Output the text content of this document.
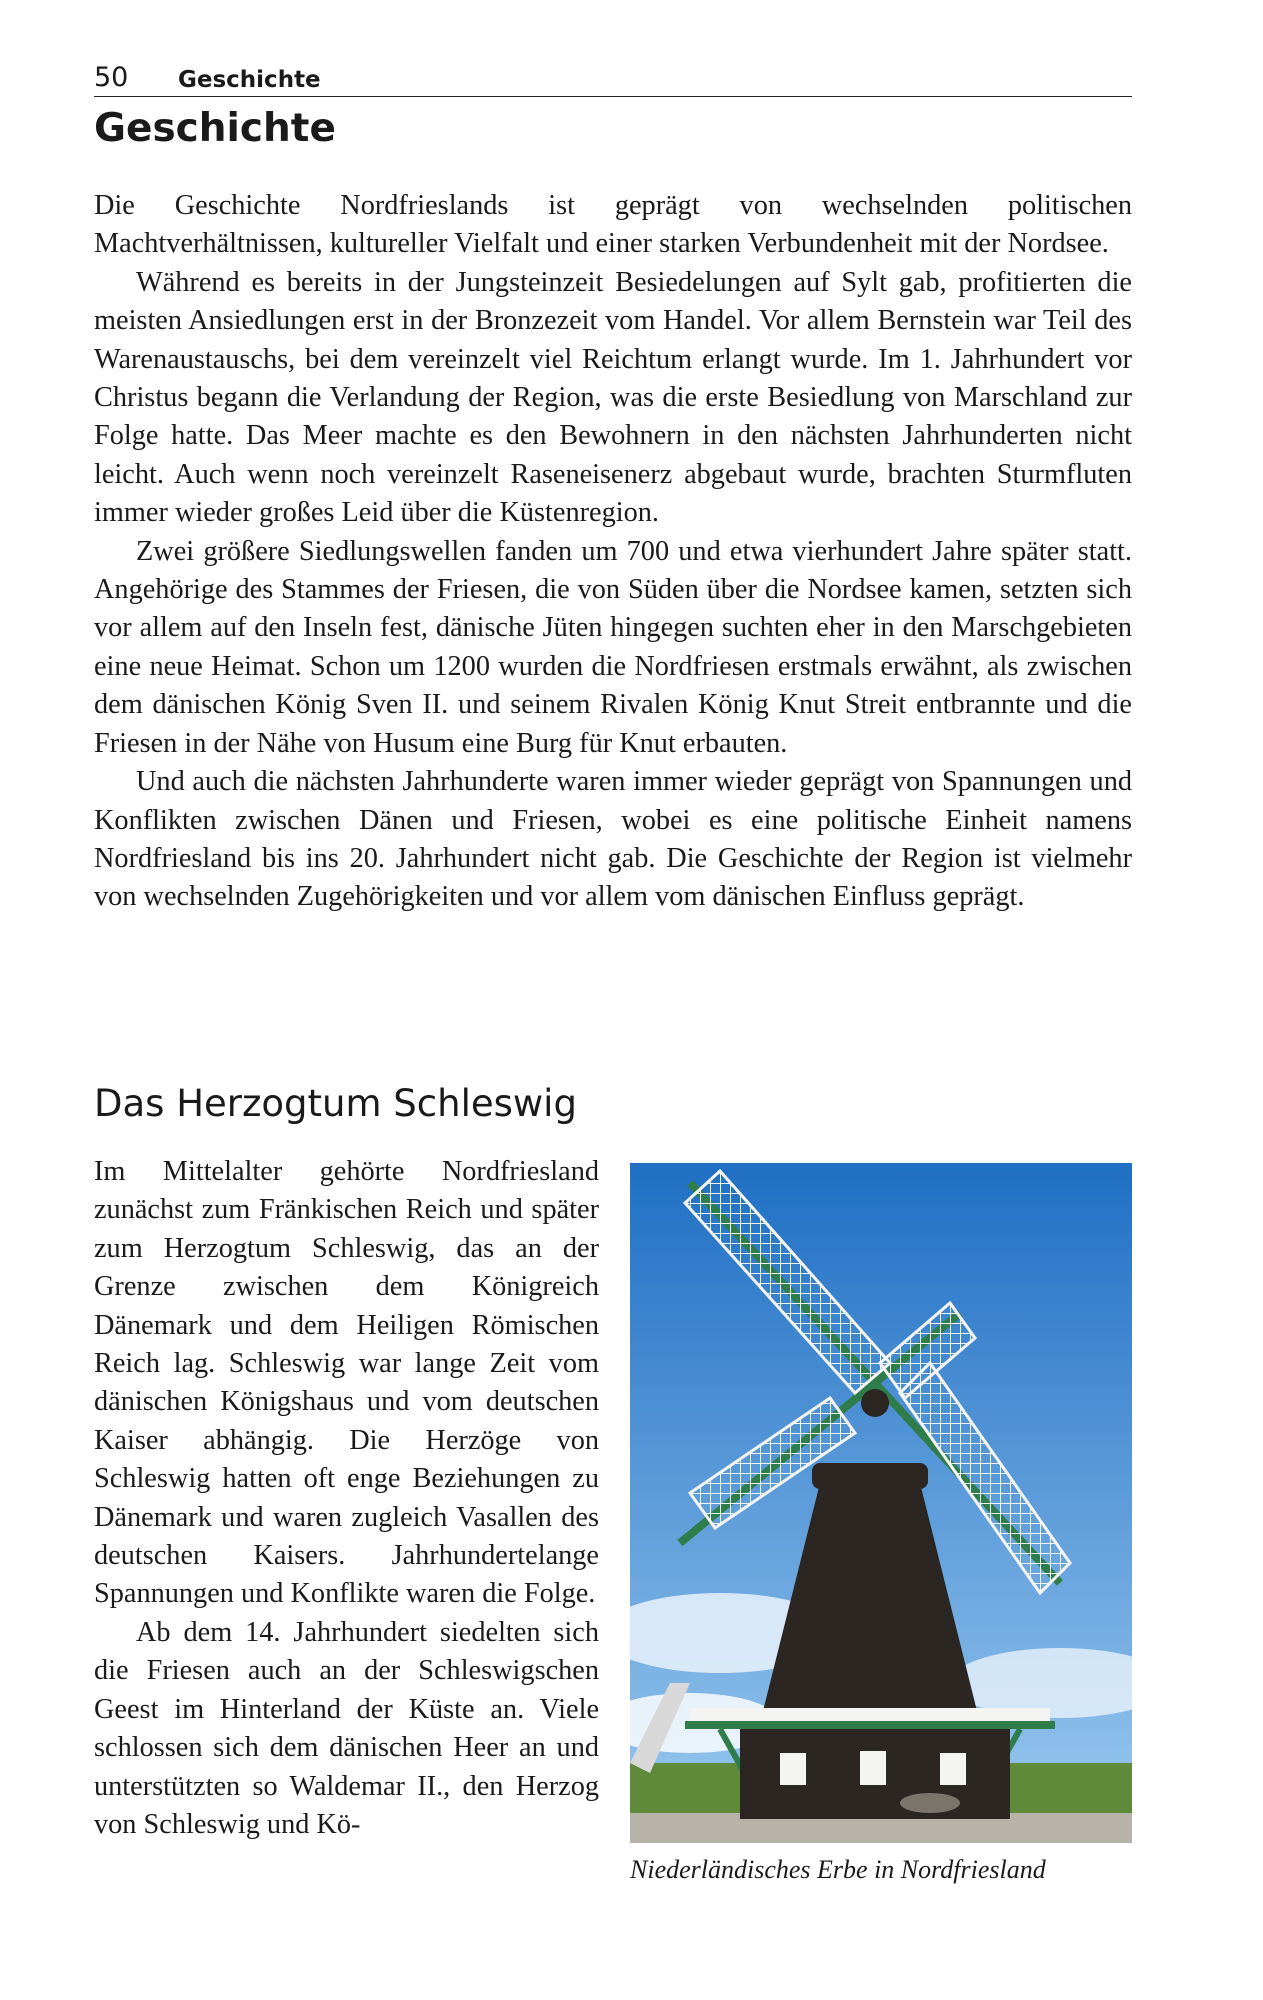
50 Geschichte
Geschichte

Die Geschichte Nordfrieslands ist geprägt von wechselnden politischen Machtverhältnissen, kultureller Vielfalt und einer starken Verbundenheit mit der Nordsee.

Während es bereits in der Jungsteinzeit Besiedelungen auf Sylt gab, profitierten die meisten Ansiedlungen erst in der Bronzezeit vom Handel. Vor allem Bernstein war Teil des Warenaustauschs, bei dem vereinzelt viel Reichtum erlangt wurde. Im 1. Jahrhundert vor Christus begann die Verlandung der Region, was die erste Besiedlung von Marschland zur Folge hatte. Das Meer machte es den Bewohnern in den nächsten Jahrhunderten nicht leicht. Auch wenn noch vereinzelt Raseneisenerz abgebaut wurde, brachten Sturmfluten immer wieder großes Leid über die Küstenregion.

Zwei größere Siedlungswellen fanden um 700 und etwa vierhundert Jahre später statt. Angehörige des Stammes der Friesen, die von Süden über die Nordsee kamen, setzten sich vor allem auf den Inseln fest, dänische Jüten hingegen suchten eher in den Marschgebieten eine neue Heimat. Schon um 1200 wurden die Nordfriesen erstmals erwähnt, als zwischen dem dänischen König Sven II. und seinem Rivalen König Knut Streit entbrannte und die Friesen in der Nähe von Husum eine Burg für Knut erbauten.

Und auch die nächsten Jahrhunderte waren immer wieder geprägt von Spannungen und Konflikten zwischen Dänen und Friesen, wobei es eine politische Einheit namens Nordfriesland bis ins 20. Jahrhundert nicht gab. Die Geschichte der Region ist vielmehr von wechselnden Zugehörigkeiten und vor allem vom dänischen Einfluss geprägt.

Das Herzogtum Schleswig

Im Mittelalter gehörte Nordfriesland zunächst zum Fränkischen Reich und später zum Herzogtum Schleswig, das an der Grenze zwischen dem Königreich Dänemark und dem Heiligen Römischen Reich lag. Schleswig war lange Zeit vom dänischen Königshaus und vom deutschen Kaiser abhängig. Die Herzöge von Schleswig hatten oft enge Beziehungen zu Dänemark und waren zugleich Vasallen des deutschen Kaisers. Jahrhundertelange Spannungen und Konflikte waren die Folge.

Ab dem 14. Jahrhundert siedelten sich die Friesen auch an der Schleswigschen Geest im Hinterland der Küste an. Viele schlossen sich dem dänischen Heer an und unterstützten so Waldemar II., den Herzog von Schleswig und Kö-

Niederländisches Erbe in Nordfriesland
